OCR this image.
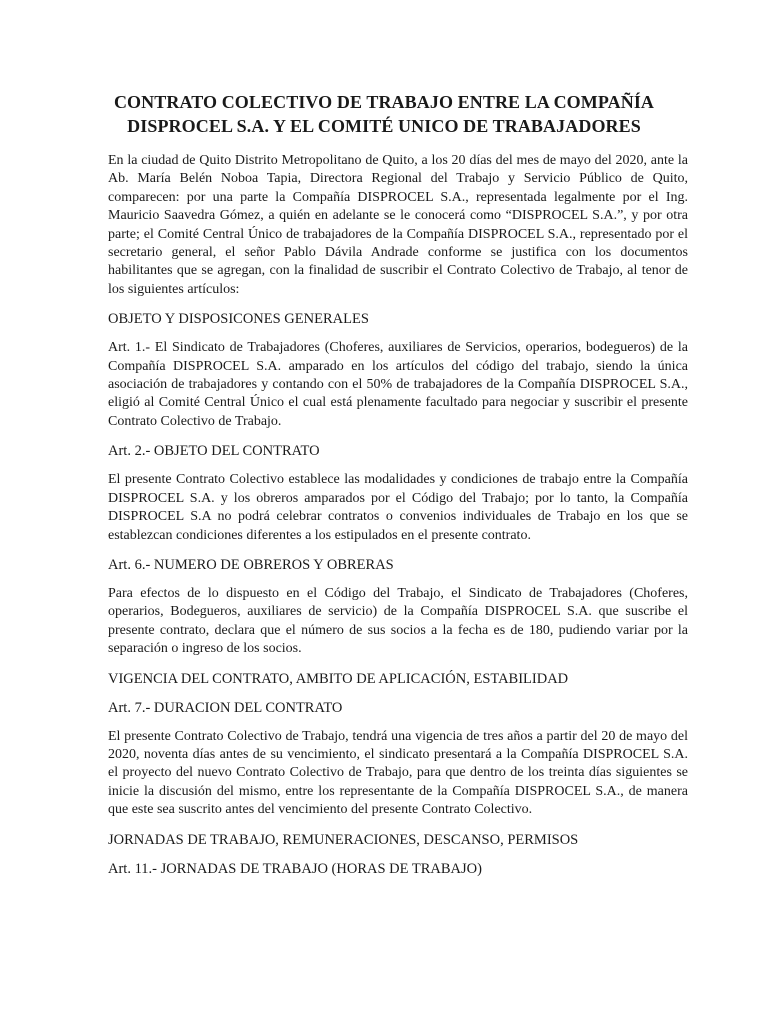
CONTRATO COLECTIVO DE TRABAJO ENTRE LA COMPAÑÍA
DISPROCEL S.A. Y EL COMITÉ UNICO DE TRABAJADORES

En la ciudad de Quito Distrito Metropolitano de Quito, a los 20 días del mes de mayo del 2020, ante la Ab. María Belén Noboa Tapia, Directora Regional del Trabajo y Servicio Público de Quito, comparecen: por una parte la Compañía DISPROCEL S.A., representada legalmente por el Ing. Mauricio Saavedra Gómez, a quién en adelante se le conocerá como “DISPROCEL S.A.”, y por otra parte; el Comité Central Único de trabajadores de la Compañía DISPROCEL S.A., representado por el secretario general, el señor Pablo Dávila Andrade conforme se justifica con los documentos habilitantes que se agregan, con la finalidad de suscribir el Contrato Colectivo de Trabajo, al tenor de los siguientes artículos:

OBJETO Y DISPOSICONES GENERALES

Art. 1.- El Sindicato de Trabajadores (Choferes, auxiliares de Servicios, operarios, bodegueros) de la Compañía DISPROCEL S.A. amparado en los artículos del código del trabajo, siendo la única asociación de trabajadores y contando con el 50% de trabajadores de la Compañía DISPROCEL S.A., eligió al Comité Central Único el cual está plenamente facultado para negociar y suscribir el presente Contrato Colectivo de Trabajo.

Art. 2.- OBJETO DEL CONTRATO

El presente Contrato Colectivo establece las modalidades y condiciones de trabajo entre la Compañía DISPROCEL S.A. y los obreros amparados por el Código del Trabajo; por lo tanto, la Compañía DISPROCEL S.A no podrá celebrar contratos o convenios individuales de Trabajo en los que se establezcan condiciones diferentes a los estipulados en el presente contrato.

Art. 6.- NUMERO DE OBREROS Y OBRERAS

Para efectos de lo dispuesto en el Código del Trabajo, el Sindicato de Trabajadores (Choferes, operarios, Bodegueros, auxiliares de servicio) de la Compañía DISPROCEL S.A. que suscribe el presente contrato, declara que el número de sus socios a la fecha es de 180, pudiendo variar por la separación o ingreso de los socios.

VIGENCIA DEL CONTRATO, AMBITO DE APLICACIÓN, ESTABILIDAD

Art. 7.- DURACION DEL CONTRATO

El presente Contrato Colectivo de Trabajo, tendrá una vigencia de tres años a partir del 20 de mayo del 2020, noventa días antes de su vencimiento, el sindicato presentará a la Compañía DISPROCEL S.A. el proyecto del nuevo Contrato Colectivo de Trabajo, para que dentro de los treinta días siguientes se inicie la discusión del mismo, entre los representante de la Compañía DISPROCEL S.A., de manera que este sea suscrito antes del vencimiento del presente Contrato Colectivo.

JORNADAS DE TRABAJO, REMUNERACIONES, DESCANSO, PERMISOS

Art. 11.- JORNADAS DE TRABAJO (HORAS DE TRABAJO)
